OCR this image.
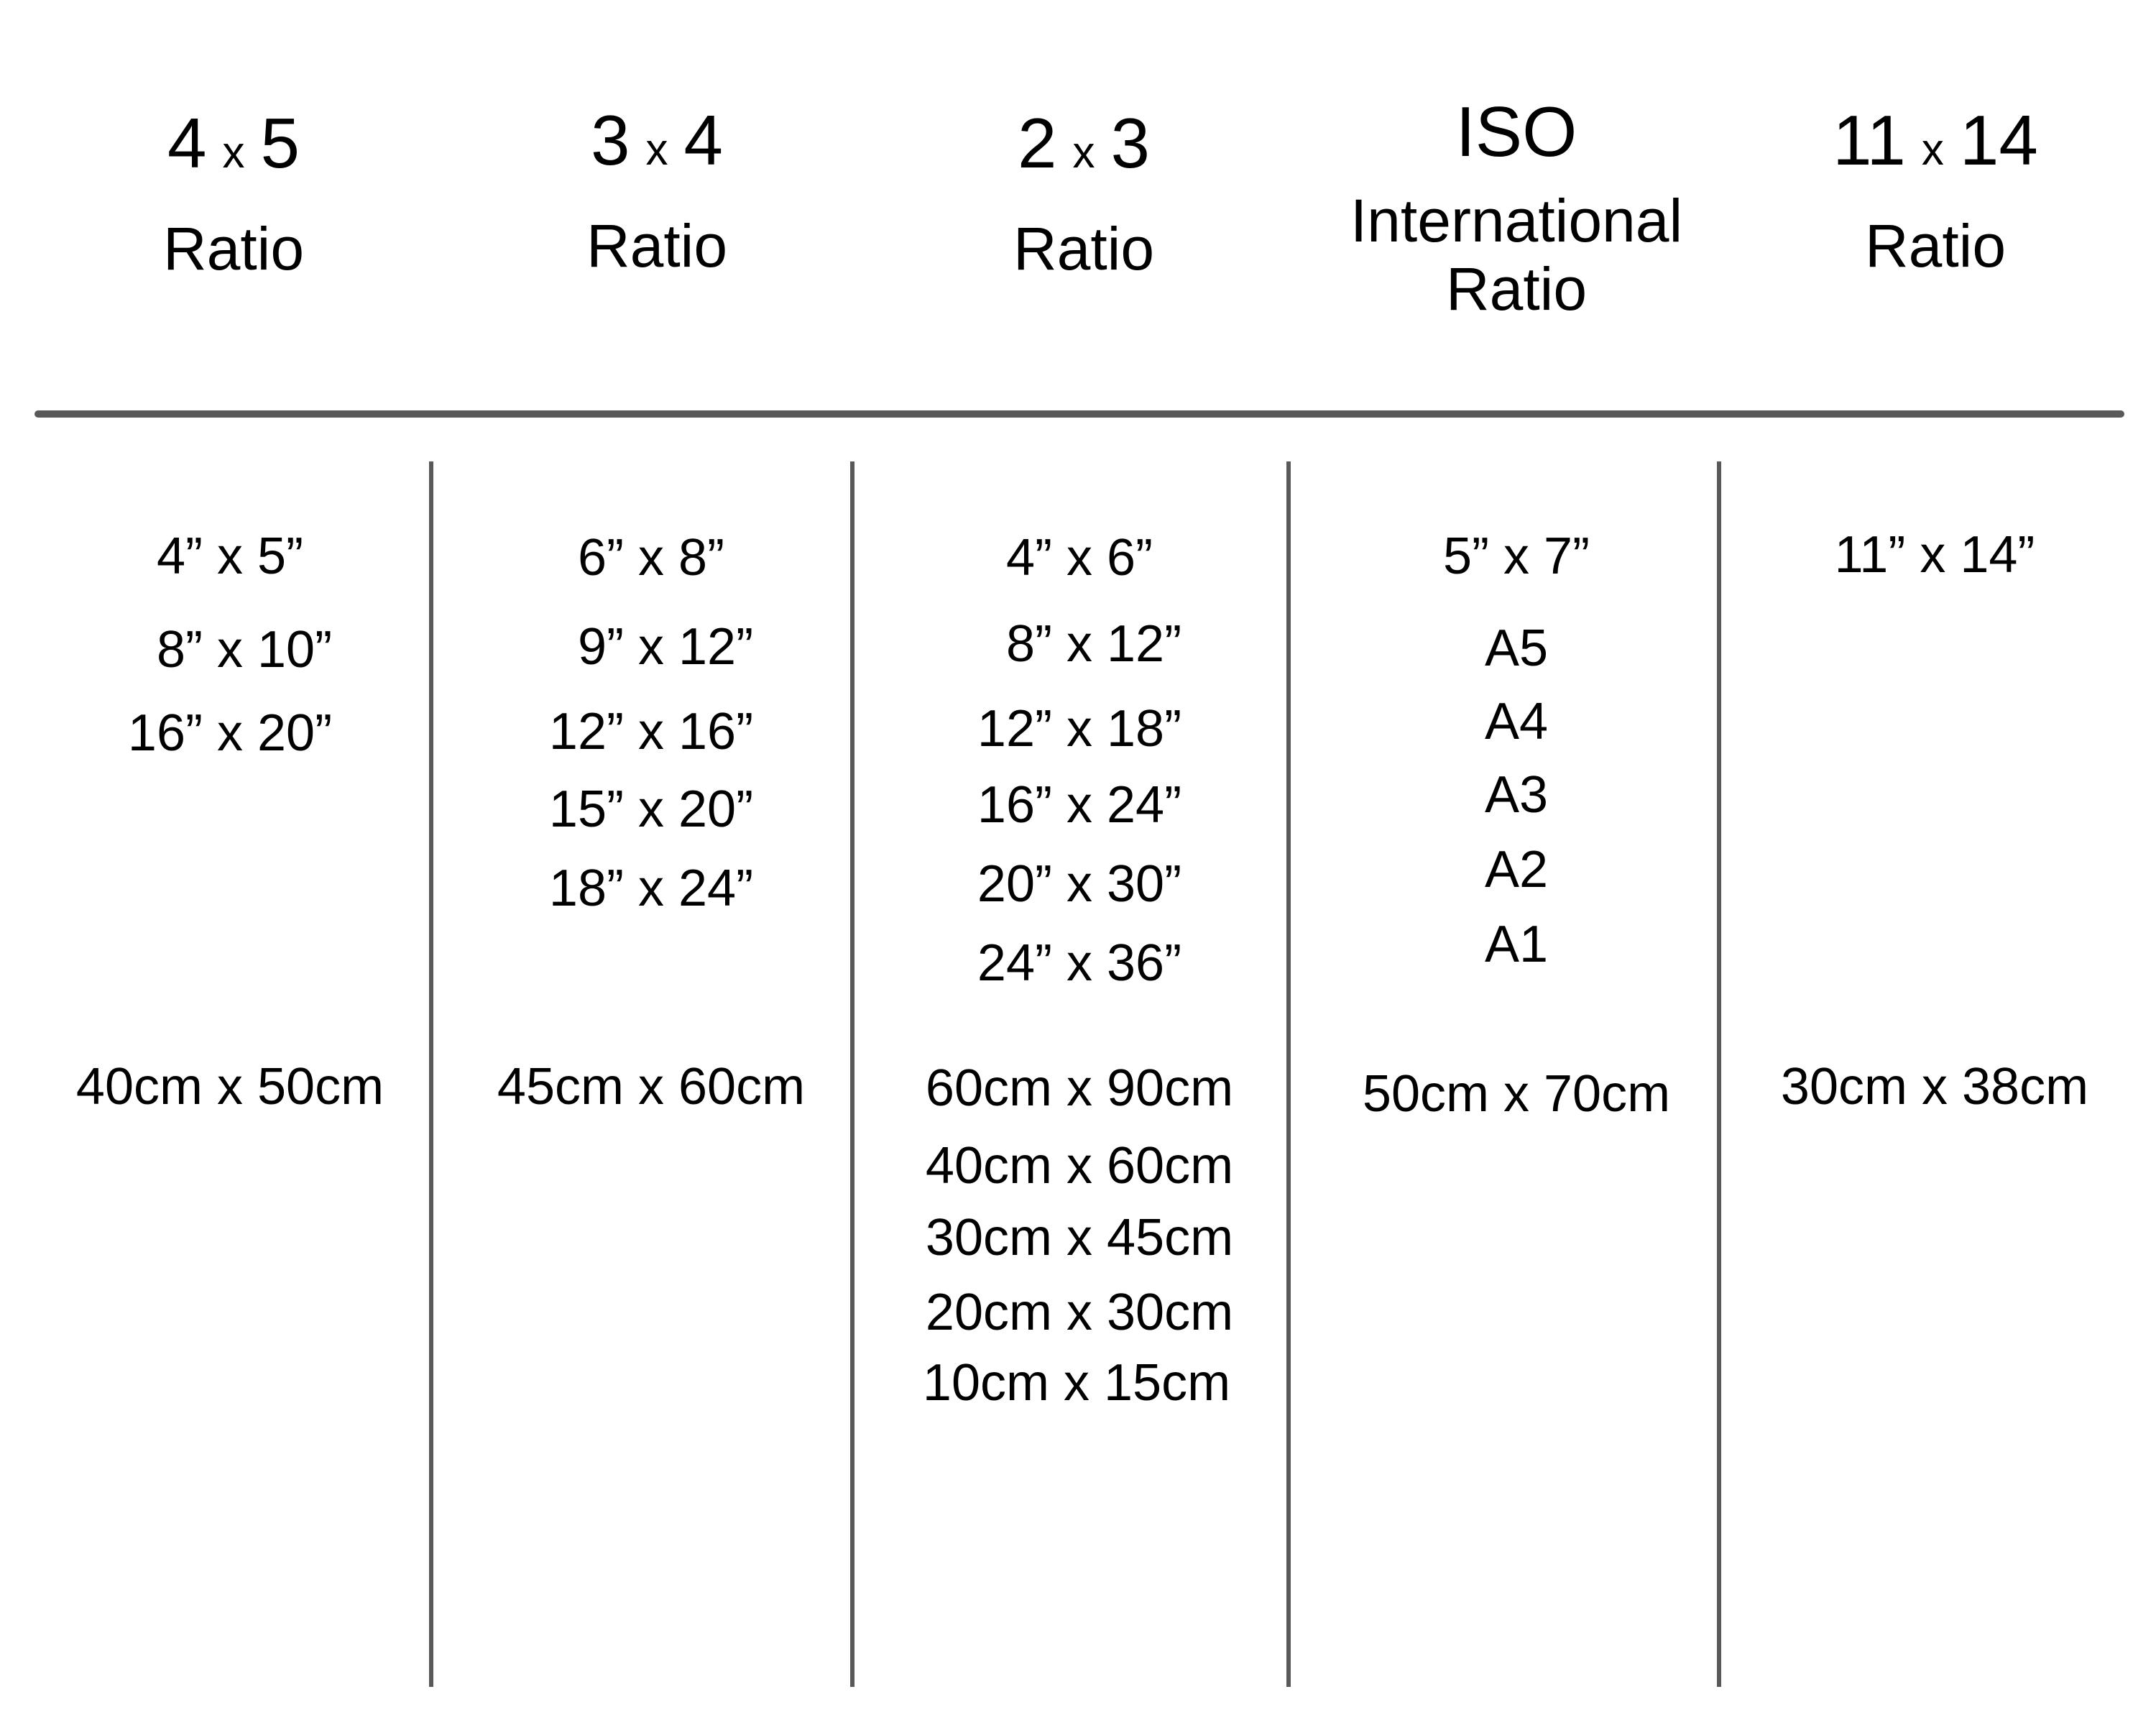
4 x 5
Ratio
3 x 4
Ratio
2 x 3
Ratio
ISO
International
Ratio
11 x 14
Ratio
4” x 5”
8” x 10”
16” x 20”
40cm x 50cm
6” x 8”
9” x 12”
12” x 16”
15” x 20”
18” x 24”
45cm x 60cm
4” x 6”
8” x 12”
12” x 18”
16” x 24”
20” x 30”
24” x 36”
60cm x 90cm
40cm x 60cm
30cm x 45cm
20cm x 30cm
10cm x 15cm
5” x 7”
A5
A4
A3
A2
A1
50cm x 70cm
11” x 14”
30cm x 38cm
